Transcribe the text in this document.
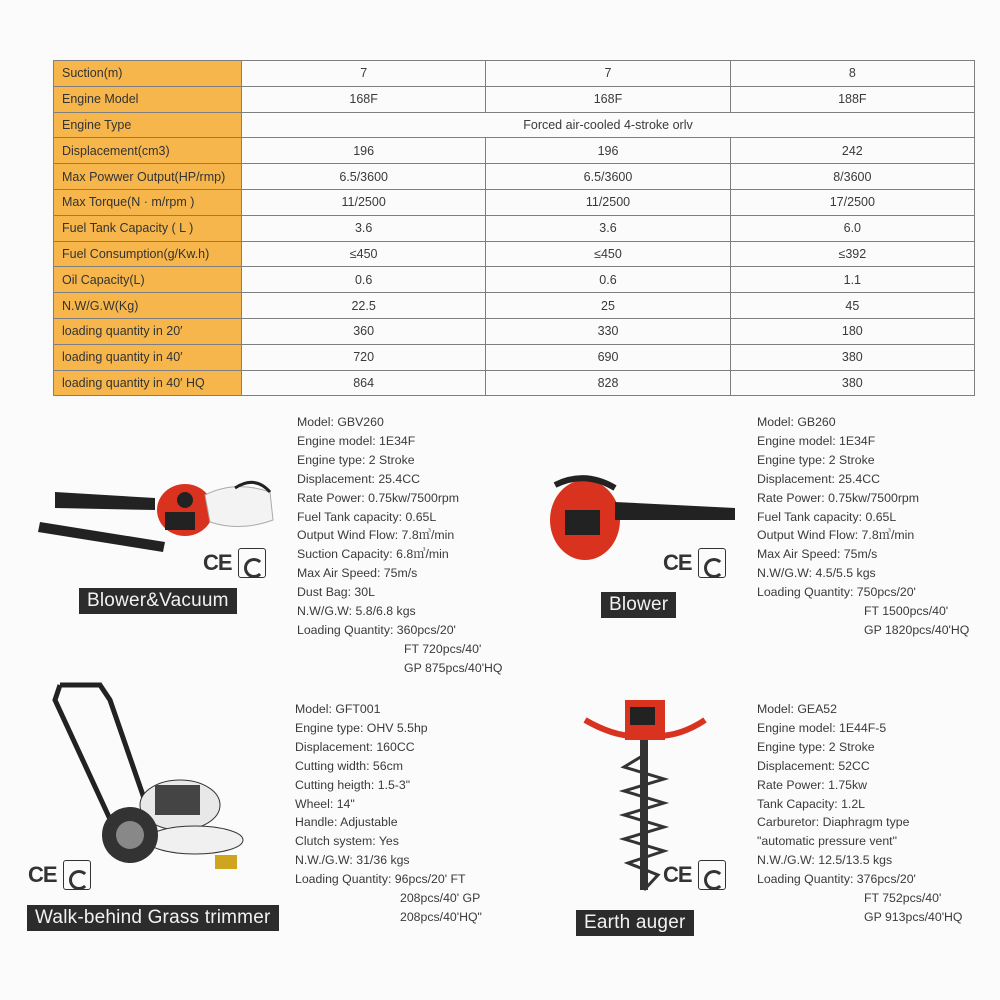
Suction(m)	7	7	8
Engine Model	168F	168F	188F
Engine Type	Forced air-cooled 4-stroke orlv		
Displacement(cm3)	196	196	242
Max Powwer Output(HP/rmp)	6.5/3600	6.5/3600	8/3600
Max Torque(N · m/rpm )	11/2500	11/2500	17/2500
Fuel Tank Capacity ( L )	3.6	3.6	6.0
Fuel Consumption(g/Kw.h)	≤450	≤450	≤392
Oil Capacity(L)	0.6	0.6	1.1
N.W/G.W(Kg)	22.5	25	45
loading quantity in 20′	360	330	180
loading quantity in 40′	720	690	380
loading quantity in 40′ HQ	864	828	380
CE
Blower&Vacuum
Model: GBV260
Engine model: 1E34F
Engine type: 2 Stroke
Displacement: 25.4CC
Rate Power: 0.75kw/7500rpm
Fuel Tank capacity: 0.65L
Output Wind Flow: 7.8㎥/min
Suction Capacity: 6.8㎥/min
Max Air Speed: 75m/s
Dust Bag: 30L
N.W/G.W: 5.8/6.8 kgs
Loading Quantity: 360pcs/20'
FT 720pcs/40'
GP 875pcs/40'HQ
CE
Blower
Model: GB260
Engine model: 1E34F
Engine type: 2 Stroke
Displacement: 25.4CC
Rate Power: 0.75kw/7500rpm
Fuel Tank capacity: 0.65L
Output Wind Flow: 7.8㎥/min
Max Air Speed: 75m/s
N.W/G.W: 4.5/5.5 kgs
Loading Quantity: 750pcs/20'
FT 1500pcs/40'
GP 1820pcs/40'HQ
CE
Walk-behind Grass trimmer
Model: GFT001
Engine type: OHV 5.5hp
Displacement: 160CC
Cutting width: 56cm
Cutting heigth: 1.5-3"
Wheel: 14"
Handle: Adjustable
Clutch system: Yes
N.W./G.W: 31/36 kgs
Loading Quantity: 96pcs/20' FT
208pcs/40' GP
208pcs/40'HQ"
CE
Earth auger
Model: GEA52
Engine model: 1E44F-5
Engine type: 2 Stroke
Displacement: 52CC
Rate Power: 1.75kw
Tank Capacity: 1.2L
Carburetor: Diaphragm type
"automatic pressure vent"
N.W./G.W: 12.5/13.5 kgs
Loading Quantity: 376pcs/20'
FT 752pcs/40'
GP 913pcs/40'HQ
